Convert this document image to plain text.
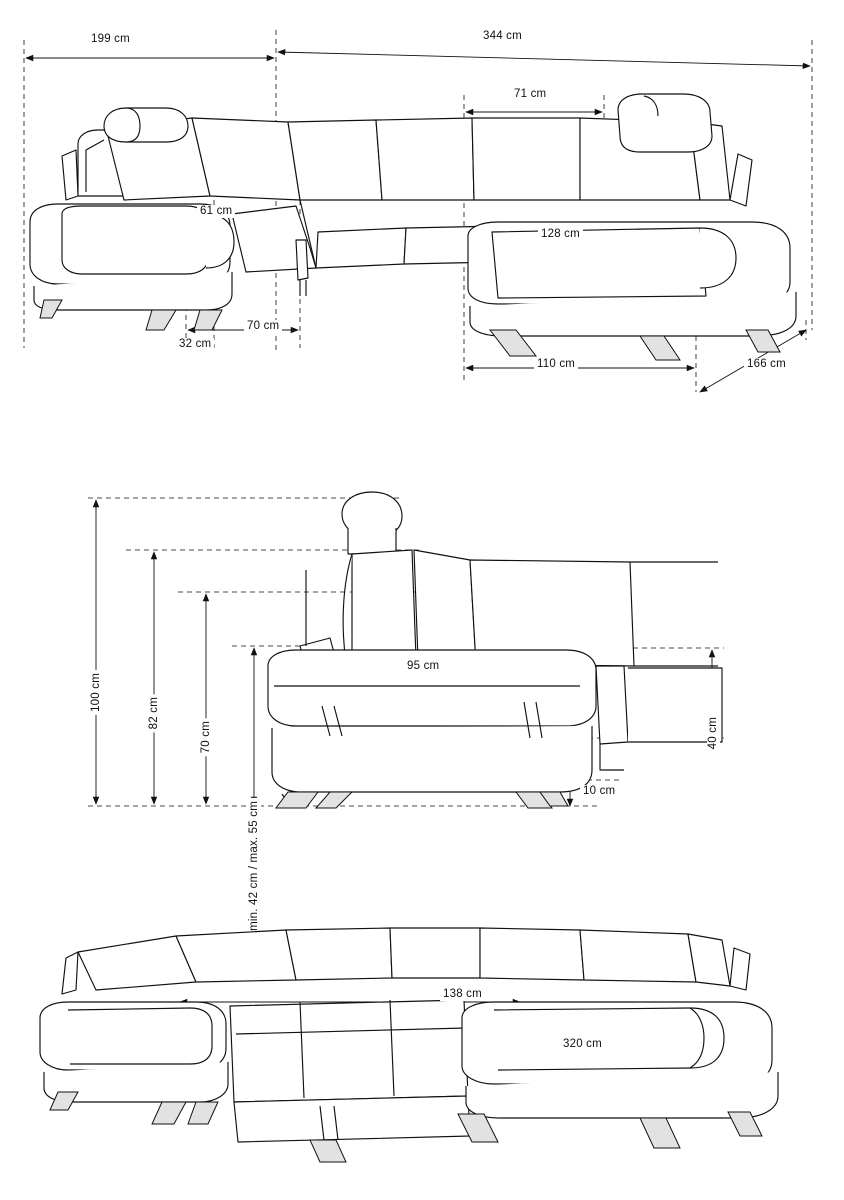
199 cm	344 cm
71 cm
61 cm
128 cm
70 cm
32 cm
110 cm	166 cm
100 cm
82 cm
70 cm
min. 42 cm / max. 55 cm
95 cm
40 cm
10 cm
138 cm
320 cm
